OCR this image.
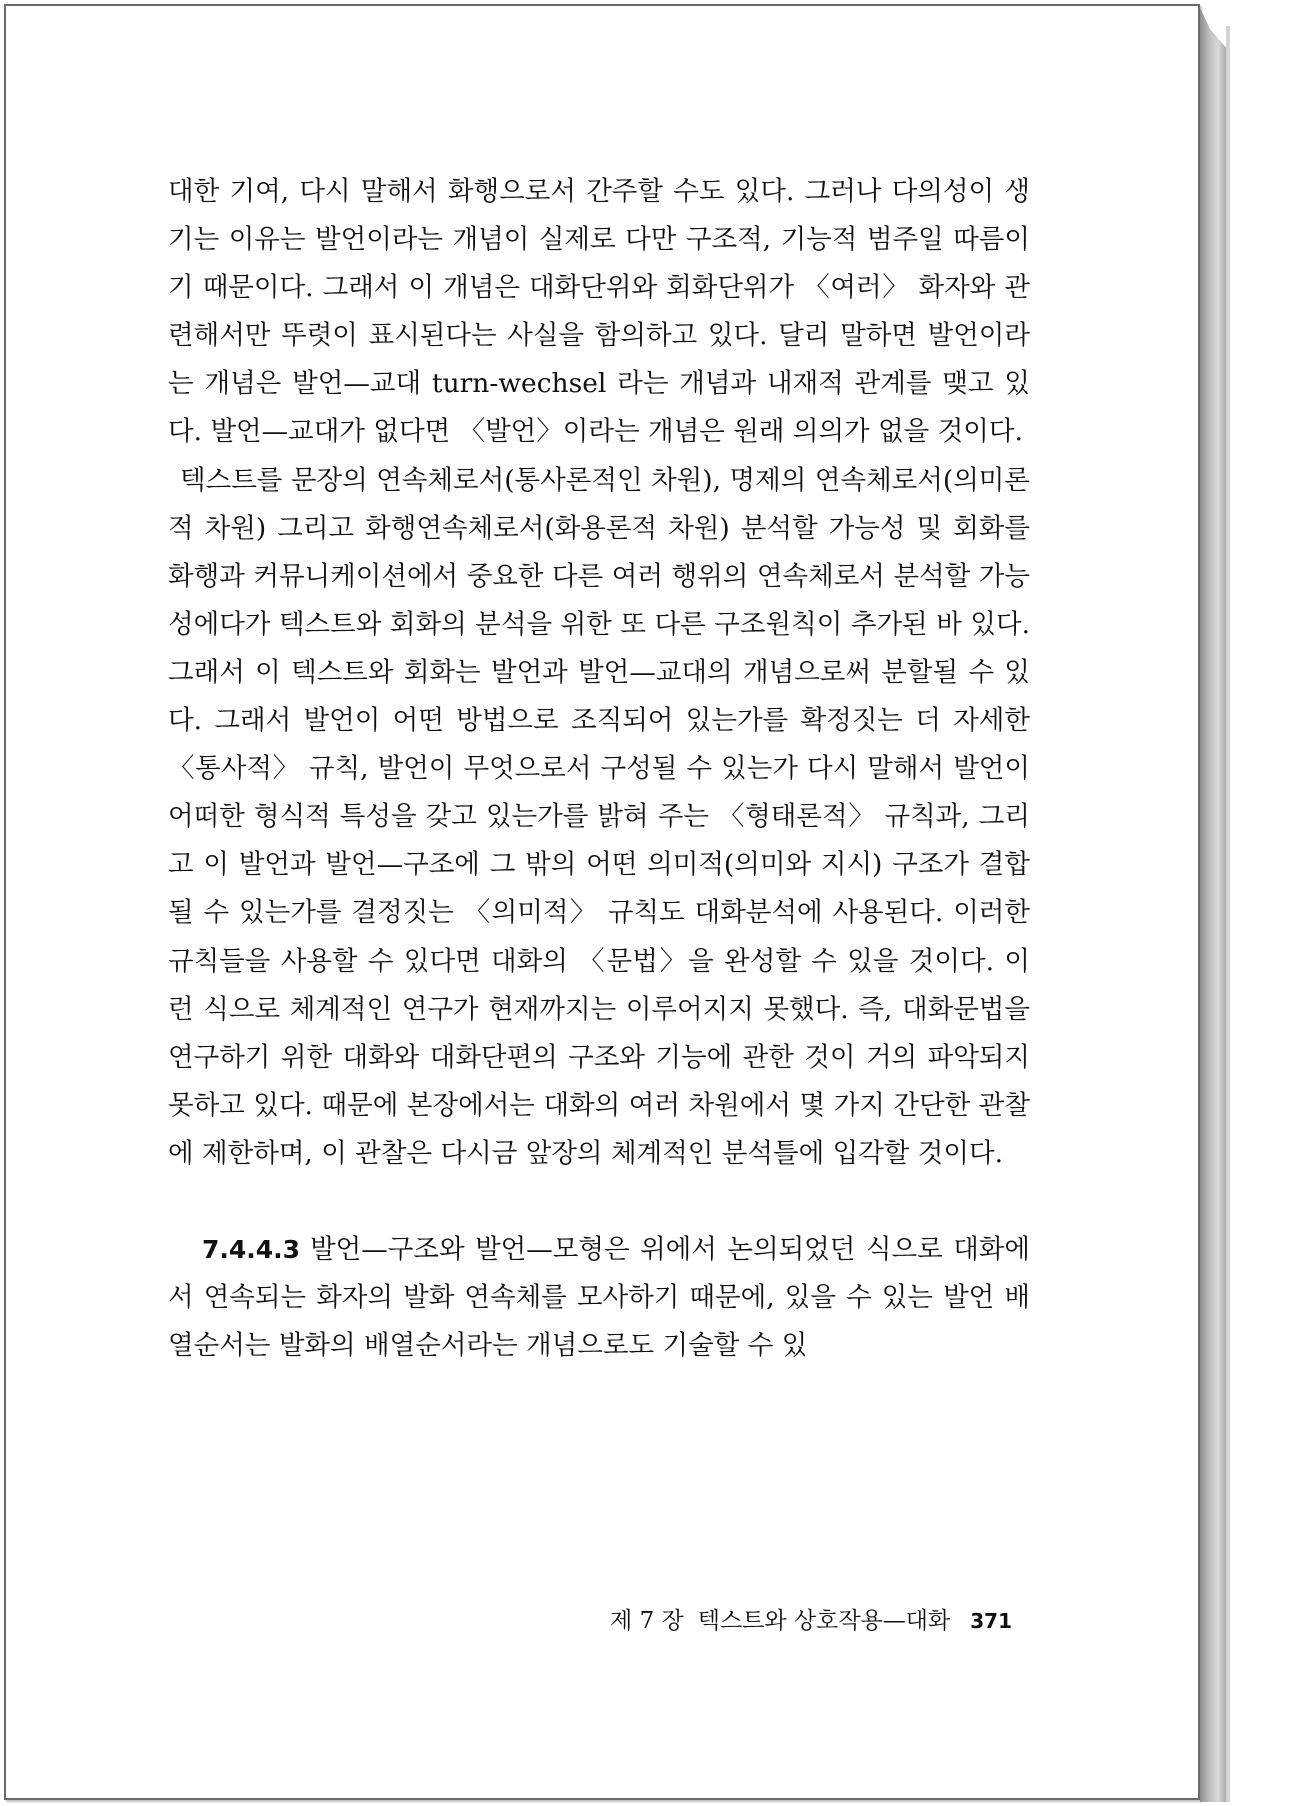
대한 기여, 다시 말해서 화행으로서 간주할 수도 있다. 그러나 다의성이 생기는 이유는 발언이라는 개념이 실제로 다만 구조적, 기능적 범주일 따름이기 때문이다. 그래서 이 개념은 대화단위와 회화단위가 〈여러〉 화자와 관련해서만 뚜렷이 표시된다는 사실을 함의하고 있다. 달리 말하면 발언이라는 개념은 발언—교대 turn-wechsel 라는 개념과 내재적 관계를 맺고 있다. 발언—교대가 없다면 〈발언〉이라는 개념은 원래 의의가 없을 것이다.

텍스트를 문장의 연속체로서(통사론적인 차원), 명제의 연속체로서(의미론적 차원) 그리고 화행연속체로서(화용론적 차원) 분석할 가능성 및 회화를 화행과 커뮤니케이션에서 중요한 다른 여러 행위의 연속체로서 분석할 가능성에다가 텍스트와 회화의 분석을 위한 또 다른 구조원칙이 추가된 바 있다. 그래서 이 텍스트와 회화는 발언과 발언—교대의 개념으로써 분할될 수 있다. 그래서 발언이 어떤 방법으로 조직되어 있는가를 확정짓는 더 자세한 〈통사적〉 규칙, 발언이 무엇으로서 구성될 수 있는가 다시 말해서 발언이 어떠한 형식적 특성을 갖고 있는가를 밝혀 주는 〈형태론적〉 규칙과, 그리고 이 발언과 발언—구조에 그 밖의 어떤 의미적(의미와 지시) 구조가 결합될 수 있는가를 결정짓는 〈의미적〉 규칙도 대화분석에 사용된다. 이러한 규칙들을 사용할 수 있다면 대화의 〈문법〉을 완성할 수 있을 것이다. 이런 식으로 체계적인 연구가 현재까지는 이루어지지 못했다. 즉, 대화문법을 연구하기 위한 대화와 대화단편의 구조와 기능에 관한 것이 거의 파악되지 못하고 있다. 때문에 본장에서는 대화의 여러 차원에서 몇 가지 간단한 관찰에 제한하며, 이 관찰은 다시금 앞장의 체계적인 분석틀에 입각할 것이다.

7.4.4.3 발언—구조와 발언—모형은 위에서 논의되었던 식으로 대화에서 연속되는 화자의 발화 연속체를 모사하기 때문에, 있을 수 있는 발언 배열순서는 발화의 배열순서라는 개념으로도 기술할 수 있

제 7 장 텍스트와 상호작용—대화 371
